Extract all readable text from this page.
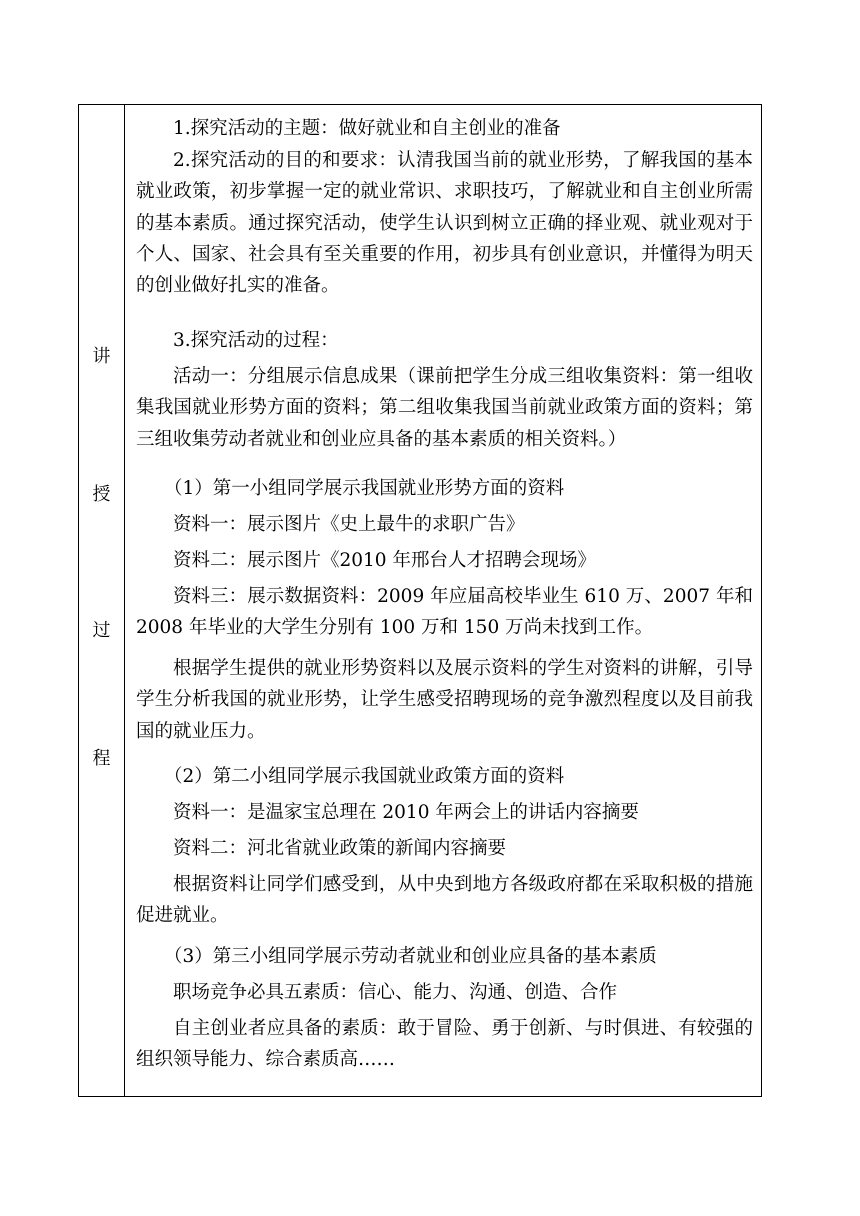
讲
授
过
程

1.探究活动的主题：做好就业和自主创业的准备

2.探究活动的目的和要求：认清我国当前的就业形势，了解我国的基本就业政策，初步掌握一定的就业常识、求职技巧，了解就业和自主创业所需的基本素质。通过探究活动，使学生认识到树立正确的择业观、就业观对于个人、国家、社会具有至关重要的作用，初步具有创业意识，并懂得为明天的创业做好扎实的准备。

3.探究活动的过程：

活动一：分组展示信息成果（课前把学生分成三组收集资料：第一组收集我国就业形势方面的资料；第二组收集我国当前就业政策方面的资料；第三组收集劳动者就业和创业应具备的基本素质的相关资料。）

（1）第一小组同学展示我国就业形势方面的资料

资料一：展示图片《史上最牛的求职广告》

资料二：展示图片《2010 年邢台人才招聘会现场》

资料三：展示数据资料：2009 年应届高校毕业生 610 万、2007 年和 2008 年毕业的大学生分别有 100 万和 150 万尚未找到工作。

根据学生提供的就业形势资料以及展示资料的学生对资料的讲解，引导学生分析我国的就业形势，让学生感受招聘现场的竞争激烈程度以及目前我国的就业压力。

（2）第二小组同学展示我国就业政策方面的资料

资料一：是温家宝总理在 2010 年两会上的讲话内容摘要

资料二：河北省就业政策的新闻内容摘要

根据资料让同学们感受到，从中央到地方各级政府都在采取积极的措施促进就业。

（3）第三小组同学展示劳动者就业和创业应具备的基本素质

职场竞争必具五素质：信心、能力、沟通、创造、合作

自主创业者应具备的素质：敢于冒险、勇于创新、与时俱进、有较强的组织领导能力、综合素质高……
